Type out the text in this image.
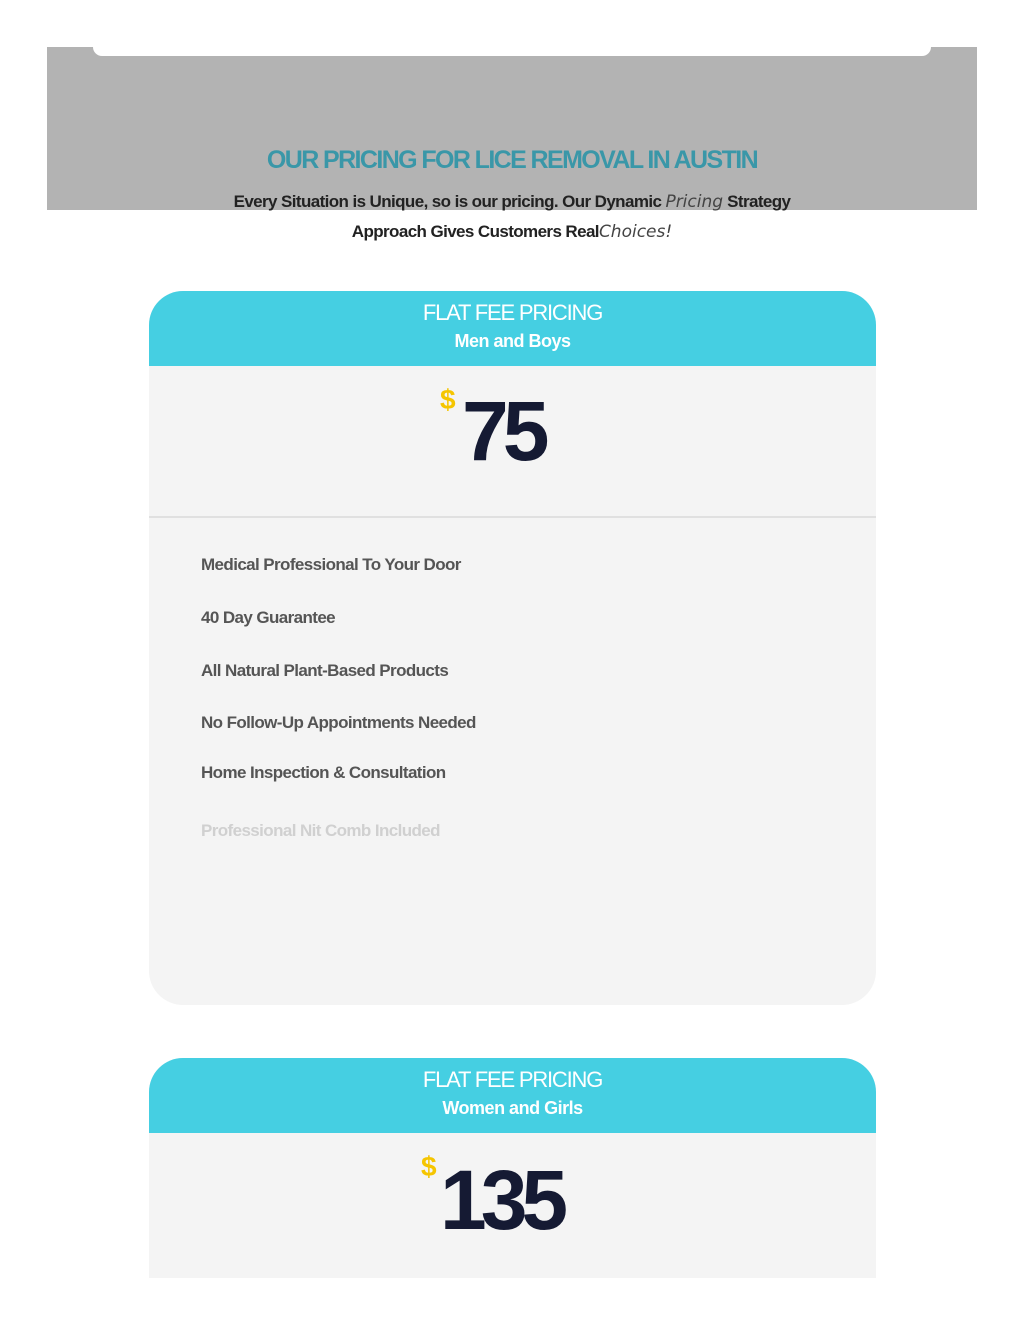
OUR PRICING FOR LICE REMOVAL IN AUSTIN
Every Situation is Unique, so is our pricing. Our Dynamic Pricing Strategy
Approach Gives Customers RealChoices!
FLAT FEE PRICING
Men and Boys
$ 75
Medical Professional To Your Door
40 Day Guarantee
All Natural Plant-Based Products
No Follow-Up Appointments Needed
Home Inspection & Consultation
Professional Nit Comb Included
FLAT FEE PRICING
Women and Girls
$ 135
